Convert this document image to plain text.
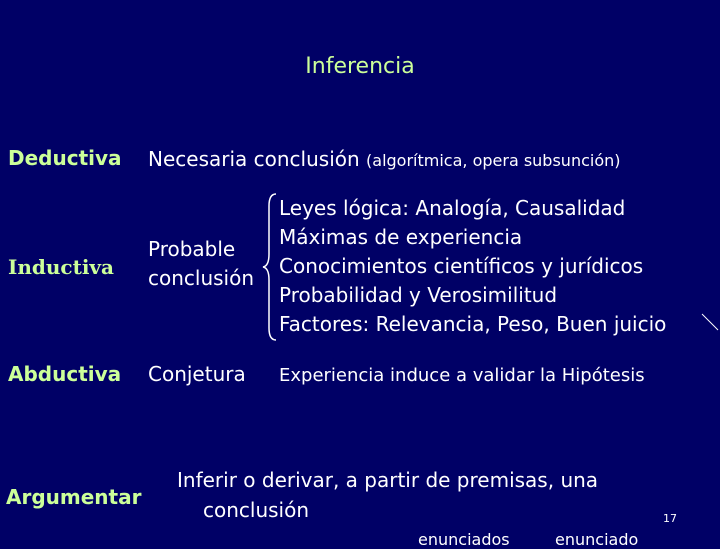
Inferencia
Deductiva Necesaria conclusión (algorítmica, opera subsunción)
Inductiva
Probable
conclusión
Leyes lógica: Analogía, Causalidad
Máximas de experiencia
Conocimientos científicos y jurídicos
Probabilidad y Verosimilitud
Factores: Relevancia, Peso, Buen juicio
Abductiva Conjetura Experiencia induce a validar la Hipótesis
Argumentar
Inferir o derivar, a partir de premisas, una
conclusión	17
enunciados	enunciado
